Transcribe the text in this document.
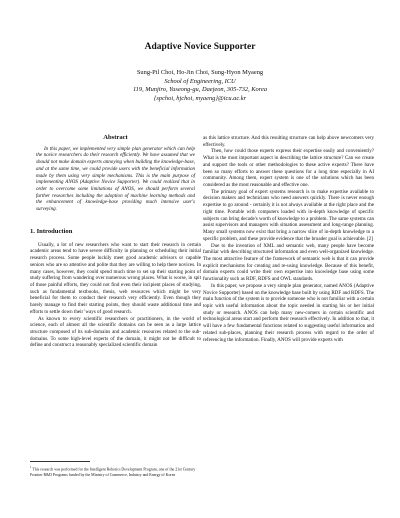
Adaptive Novice Supporter
Sung-Pil Choi, Ho-Jin Choi, Sung-Hyon Myaeng
School of Engineering, ICU
119, Munjiro, Yuseong-gu, Daejeon, 305-732, Korea
{spchoi, hjchoi, myaeng}@icu.ac.kr
Abstract

In this paper, we implemented very simple plan generator which can help the novice researchers do their research efficiently. We have assumed that we should not make domain experts annoying when building the knowledge-base, and at the same time, we could provide users with the beneficial information made by them using very simple mechanisms. This is the main purpose of implementing ANOS (Adaptive Novice Supporter). We could realized that in order to overcome some limitations of ANOS, we should perform several further researches including the adoption of machine learning methods and the enhancement of knowledge-base providing much intensive user's surveying.

1. Introduction

Usually, a lot of new researchers who want to start their research in certain academic areas tend to have severe difficulty in planning or scheduling their initial research process. Some people luckily meet good academic advisors or capable seniors who are so attentive and polite that they are willing to help there novices. In many cases, however, they could spend much time to set up their starting point of study suffering from wandering over numerous wrong places. What is worse, in spit of those painful efforts, they could not find even their incipient places of studying, such as fundamental textbooks, thesis, web resources which might be very beneficial for them to conduct their research very efficiently. Even though they barely manage to find their starting points, they should waste additional time and efforts to settle down their 'ways of good research.

As known to every scientific researchers or practitioners, in the world of science, each of almost all the scientific domains can be seen as a large lattice structure composed of its sub-domains and academic resources related to the sub-domains. To some high-level experts of the domain, it might not be difficult to define and construct a reasonably specialized scientific domain

as this lattice structure. And this resulting structure can help above newcomers very effectively.

Then, how could those experts express their expertise easily and conveniently? What is the most important aspect in describing the lattice structure? Can we create and support the tools or other methodologies to these active experts? There have been so many efforts to answer these questions for a long time especially in AI community. Among them, expert system is one of the solutions which has been considered as the most reasonable and effective one.

The primary goal of expert systems research is to make expertise available to decision makers and technicians who need answers quickly. There is never enough expertise to go around - certainly it is not always available at the right place and the right time. Portable with computers loaded with in-depth knowledge of specific subjects can bring decade's worth of knowledge to a problem. The same systems can assist supervisors and managers with situation assessment and long-range planning. Many small systems now exist that bring a narrow slice of in-depth knowledge to a specific problem, and these provide evidence that the broader goal is achievable. [2]

Due to the invention of XML and semantic web, many people have become familiar with describing structured information and even well-organized knowledge. The most attractive feature of the framework of semantic web is that it can provide explicit mechanisms for creating and re-using knowledge. Because of this benefit, domain experts could write their own expertise into knowledge base using some functionality such as RDF, RDFS and OWL standards.

In this paper, we propose a very simple plan generator, named ANOS (Adaptive Novice Supporter) based on the knowledge base built by using RDF and RDFS. The main function of the system is to provide someone who is not familiar with a certain topic with useful information about the topic needed in starting his or her initial study or research. ANOS can help many new-comers in certain scientific and technological areas start and perform their research effectively. In addition to that, it will have a few fundamental functions related to suggesting useful information and related sub-places, planning their research process with regard to the order of referencing the information. Finally, ANOS will provide experts with

$^1$ This research was performed for the Intelligent Robotics Development Program, one of the 21st Century Frontier R&D Programs funded by the Ministry of Commerce, Industry and Energy of Korea
